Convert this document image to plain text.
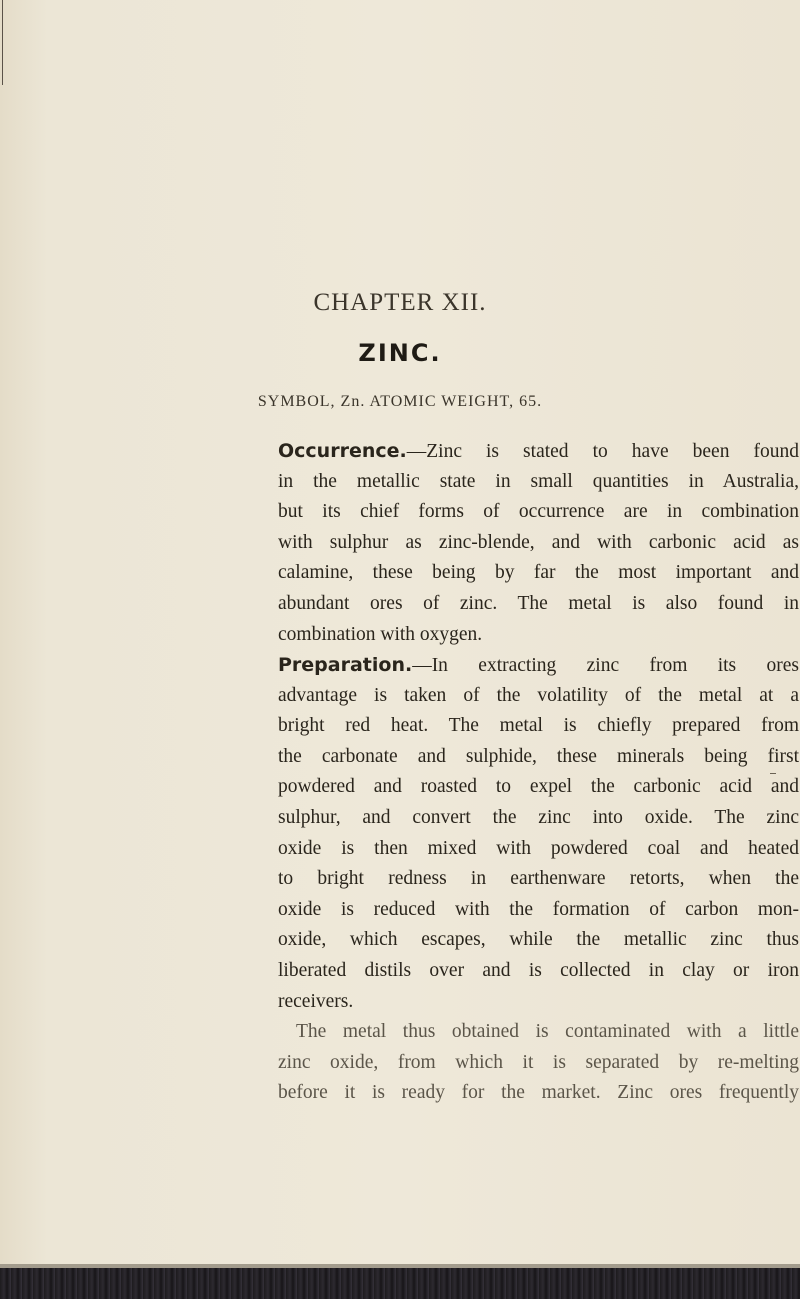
CHAPTER XII.
ZINC.
SYMBOL, Zn. ATOMIC WEIGHT, 65.
Occurrence.—Zinc is stated to have been found
in the metallic state in small quantities in Australia,
but its chief forms of occurrence are in combination
with sulphur as zinc-blende, and with carbonic acid as
calamine, these being by far the most important and
abundant ores of zinc. The metal is also found in
combination with oxygen.
Preparation.—In extracting zinc from its ores
advantage is taken of the volatility of the metal at a
bright red heat. The metal is chiefly prepared from
the carbonate and sulphide, these minerals being first
powdered and roasted to expel the carbonic acid and
sulphur, and convert the zinc into oxide. The zinc
oxide is then mixed with powdered coal and heated
to bright redness in earthenware retorts, when the
oxide is reduced with the formation of carbon mon-
oxide, which escapes, while the metallic zinc thus
liberated distils over and is collected in clay or iron
receivers.
The metal thus obtained is contaminated with a little
zinc oxide, from which it is separated by re-melting
before it is ready for the market. Zinc ores frequently
